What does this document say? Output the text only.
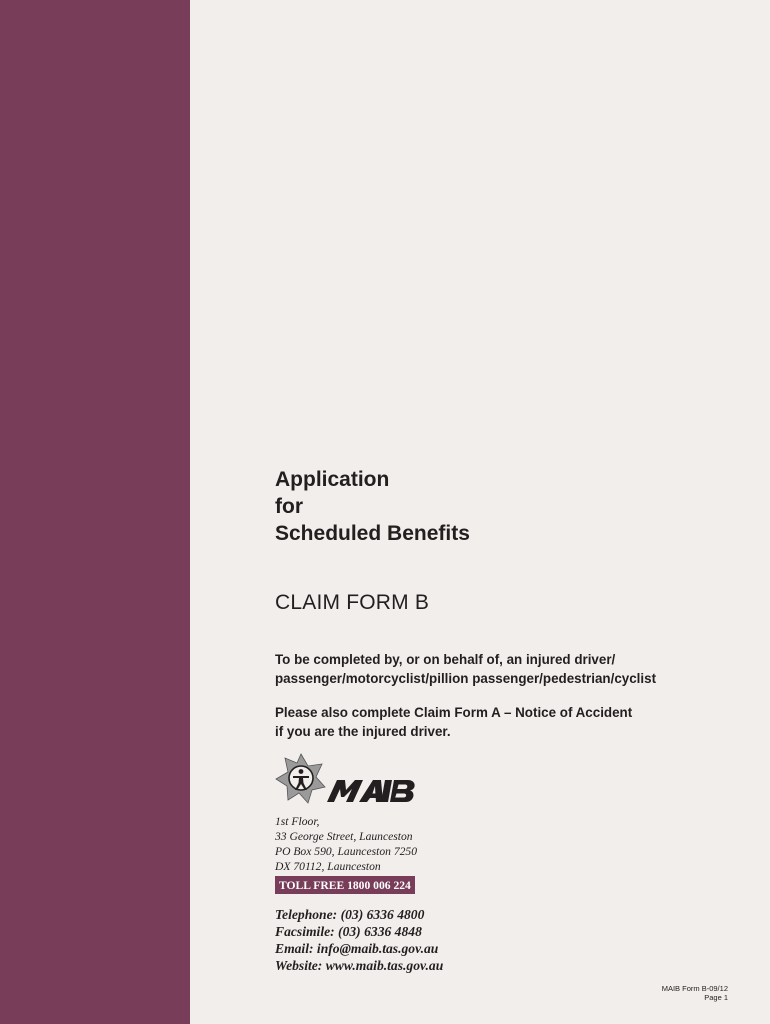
Application
for
Scheduled Benefits
CLAIM FORM B
To be completed by, or on behalf of, an injured driver/
passenger/motorcyclist/pillion passenger/pedestrian/cyclist
Please also complete Claim Form A – Notice of Accident
if you are the injured driver.
1st Floor,
33 George Street, Launceston
PO Box 590, Launceston 7250
DX 70112, Launceston
TOLL FREE 1800 006 224
Telephone: (03) 6336 4800
Facsimile: (03) 6336 4848
Email: info@maib.tas.gov.au
Website: www.maib.tas.gov.au
MAIB Form B-09/12
Page 1
